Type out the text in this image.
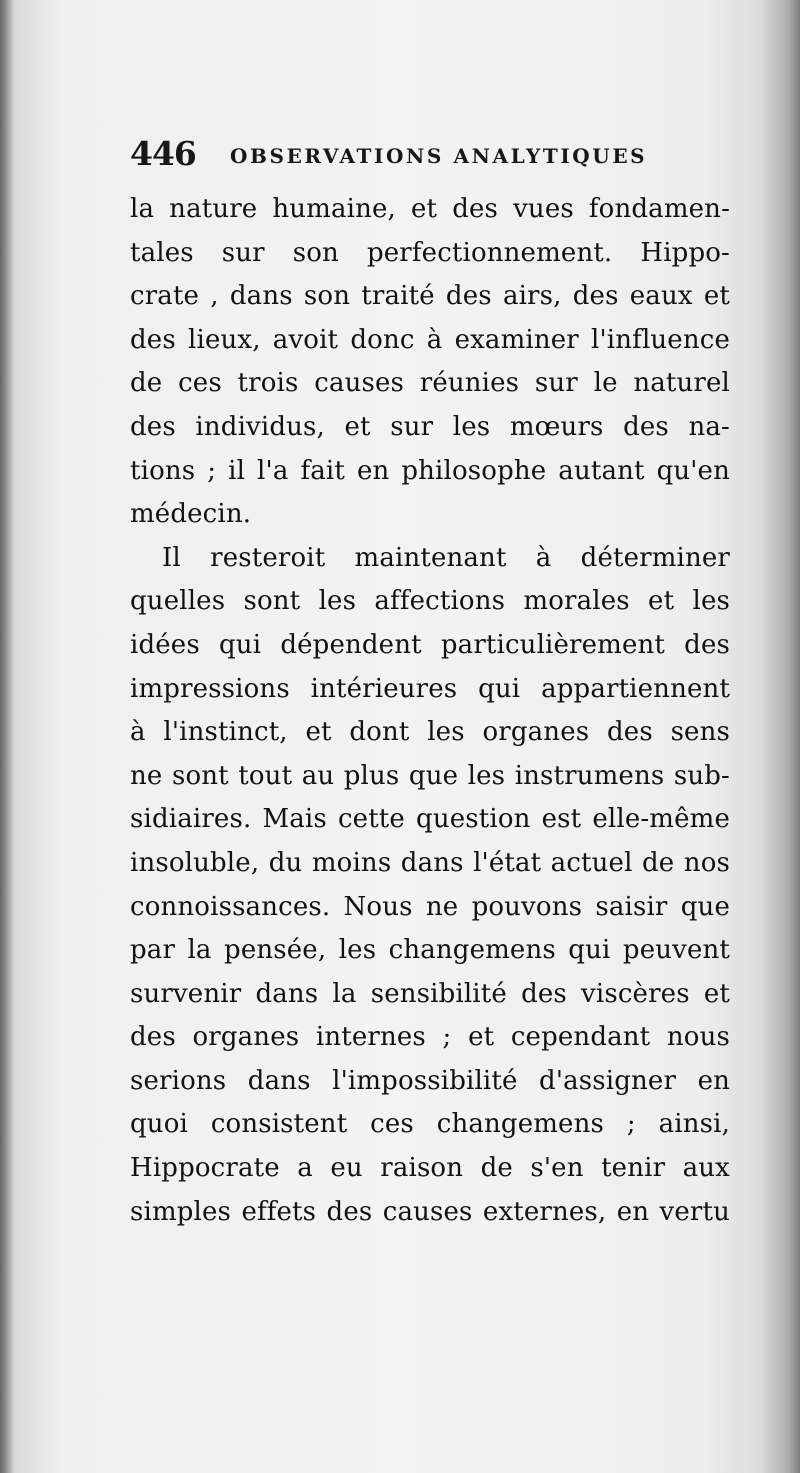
446 OBSERVATIONS ANALYTIQUES
la nature humaine, et des vues fondamen-
tales sur son perfectionnement. Hippo-
crate , dans son traité des airs, des eaux et
des lieux, avoit donc à examiner l'influence
de ces trois causes réunies sur le naturel
des individus, et sur les mœurs des na-
tions ; il l'a fait en philosophe autant qu'en
médecin.
Il resteroit maintenant à déterminer
quelles sont les affections morales et les
idées qui dépendent particulièrement des
impressions intérieures qui appartiennent
à l'instinct, et dont les organes des sens
ne sont tout au plus que les instrumens sub-
sidiaires. Mais cette question est elle-même
insoluble, du moins dans l'état actuel de nos
connoissances. Nous ne pouvons saisir que
par la pensée, les changemens qui peuvent
survenir dans la sensibilité des viscères et
des organes internes ; et cependant nous
serions dans l'impossibilité d'assigner en
quoi consistent ces changemens ; ainsi,
Hippocrate a eu raison de s'en tenir aux
simples effets des causes externes, en vertu
